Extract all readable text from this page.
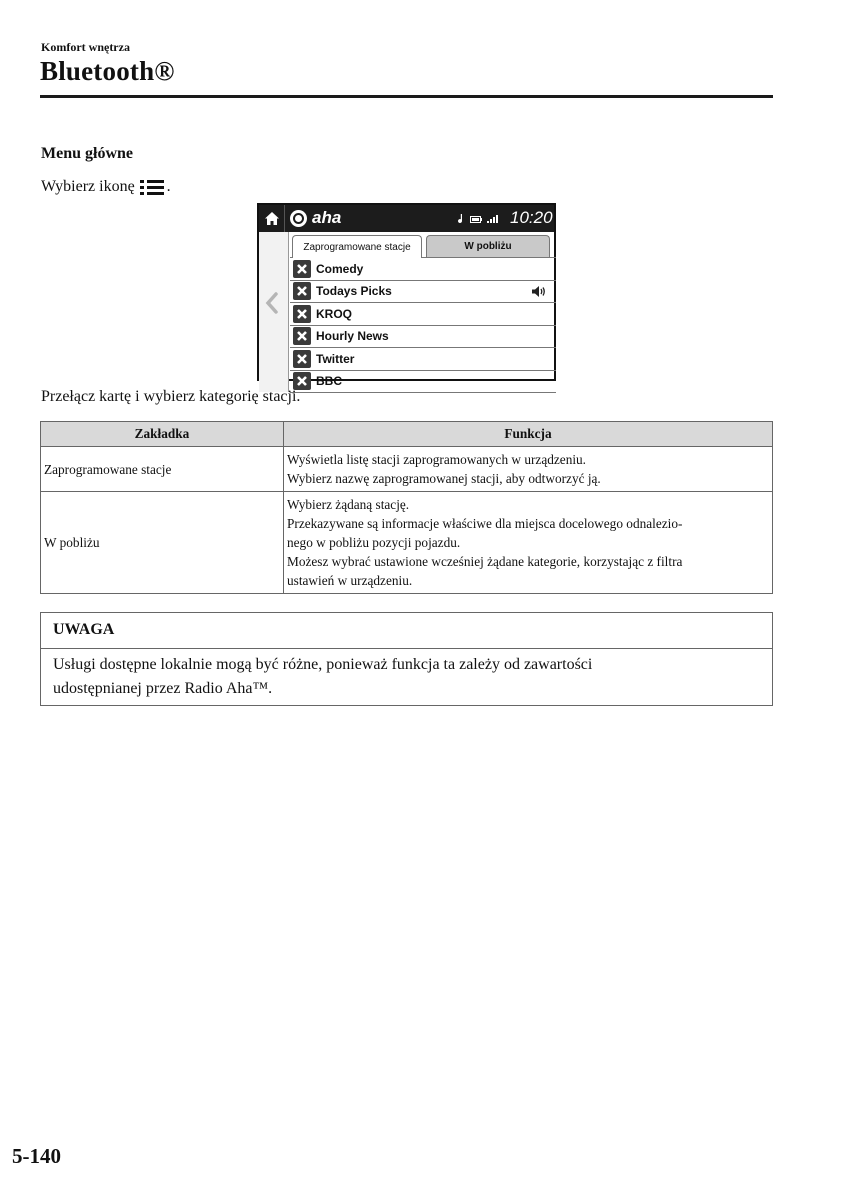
Komfort wnętrza
Bluetooth®
Menu główne
Wybierz ikonę .
aha	10:20
Zaprogramowane stacje	W pobliżu
Comedy
Todays Picks
KROQ
Hourly News
Twitter
BBC
Przełącz kartę i wybierz kategorię stacji.
Zakładka	Funkcja
Zaprogramowane stacje	Wyświetla listę stacji zaprogramowanych w urządzeniu.
Wybierz nazwę zaprogramowanej stacji, aby odtworzyć ją.

W pobliżu	Wybierz żądaną stację.
Przekazywane są informacje właściwe dla miejsca docelowego odnalezio-
nego w pobliżu pozycji pojazdu.
Możesz wybrać ustawione wcześniej żądane kategorie, korzystając z filtra
ustawień w urządzeniu.
UWAGA
Usługi dostępne lokalnie mogą być różne, ponieważ funkcja ta zależy od zawartości
udostępnianej przez Radio Aha™.
5-140
